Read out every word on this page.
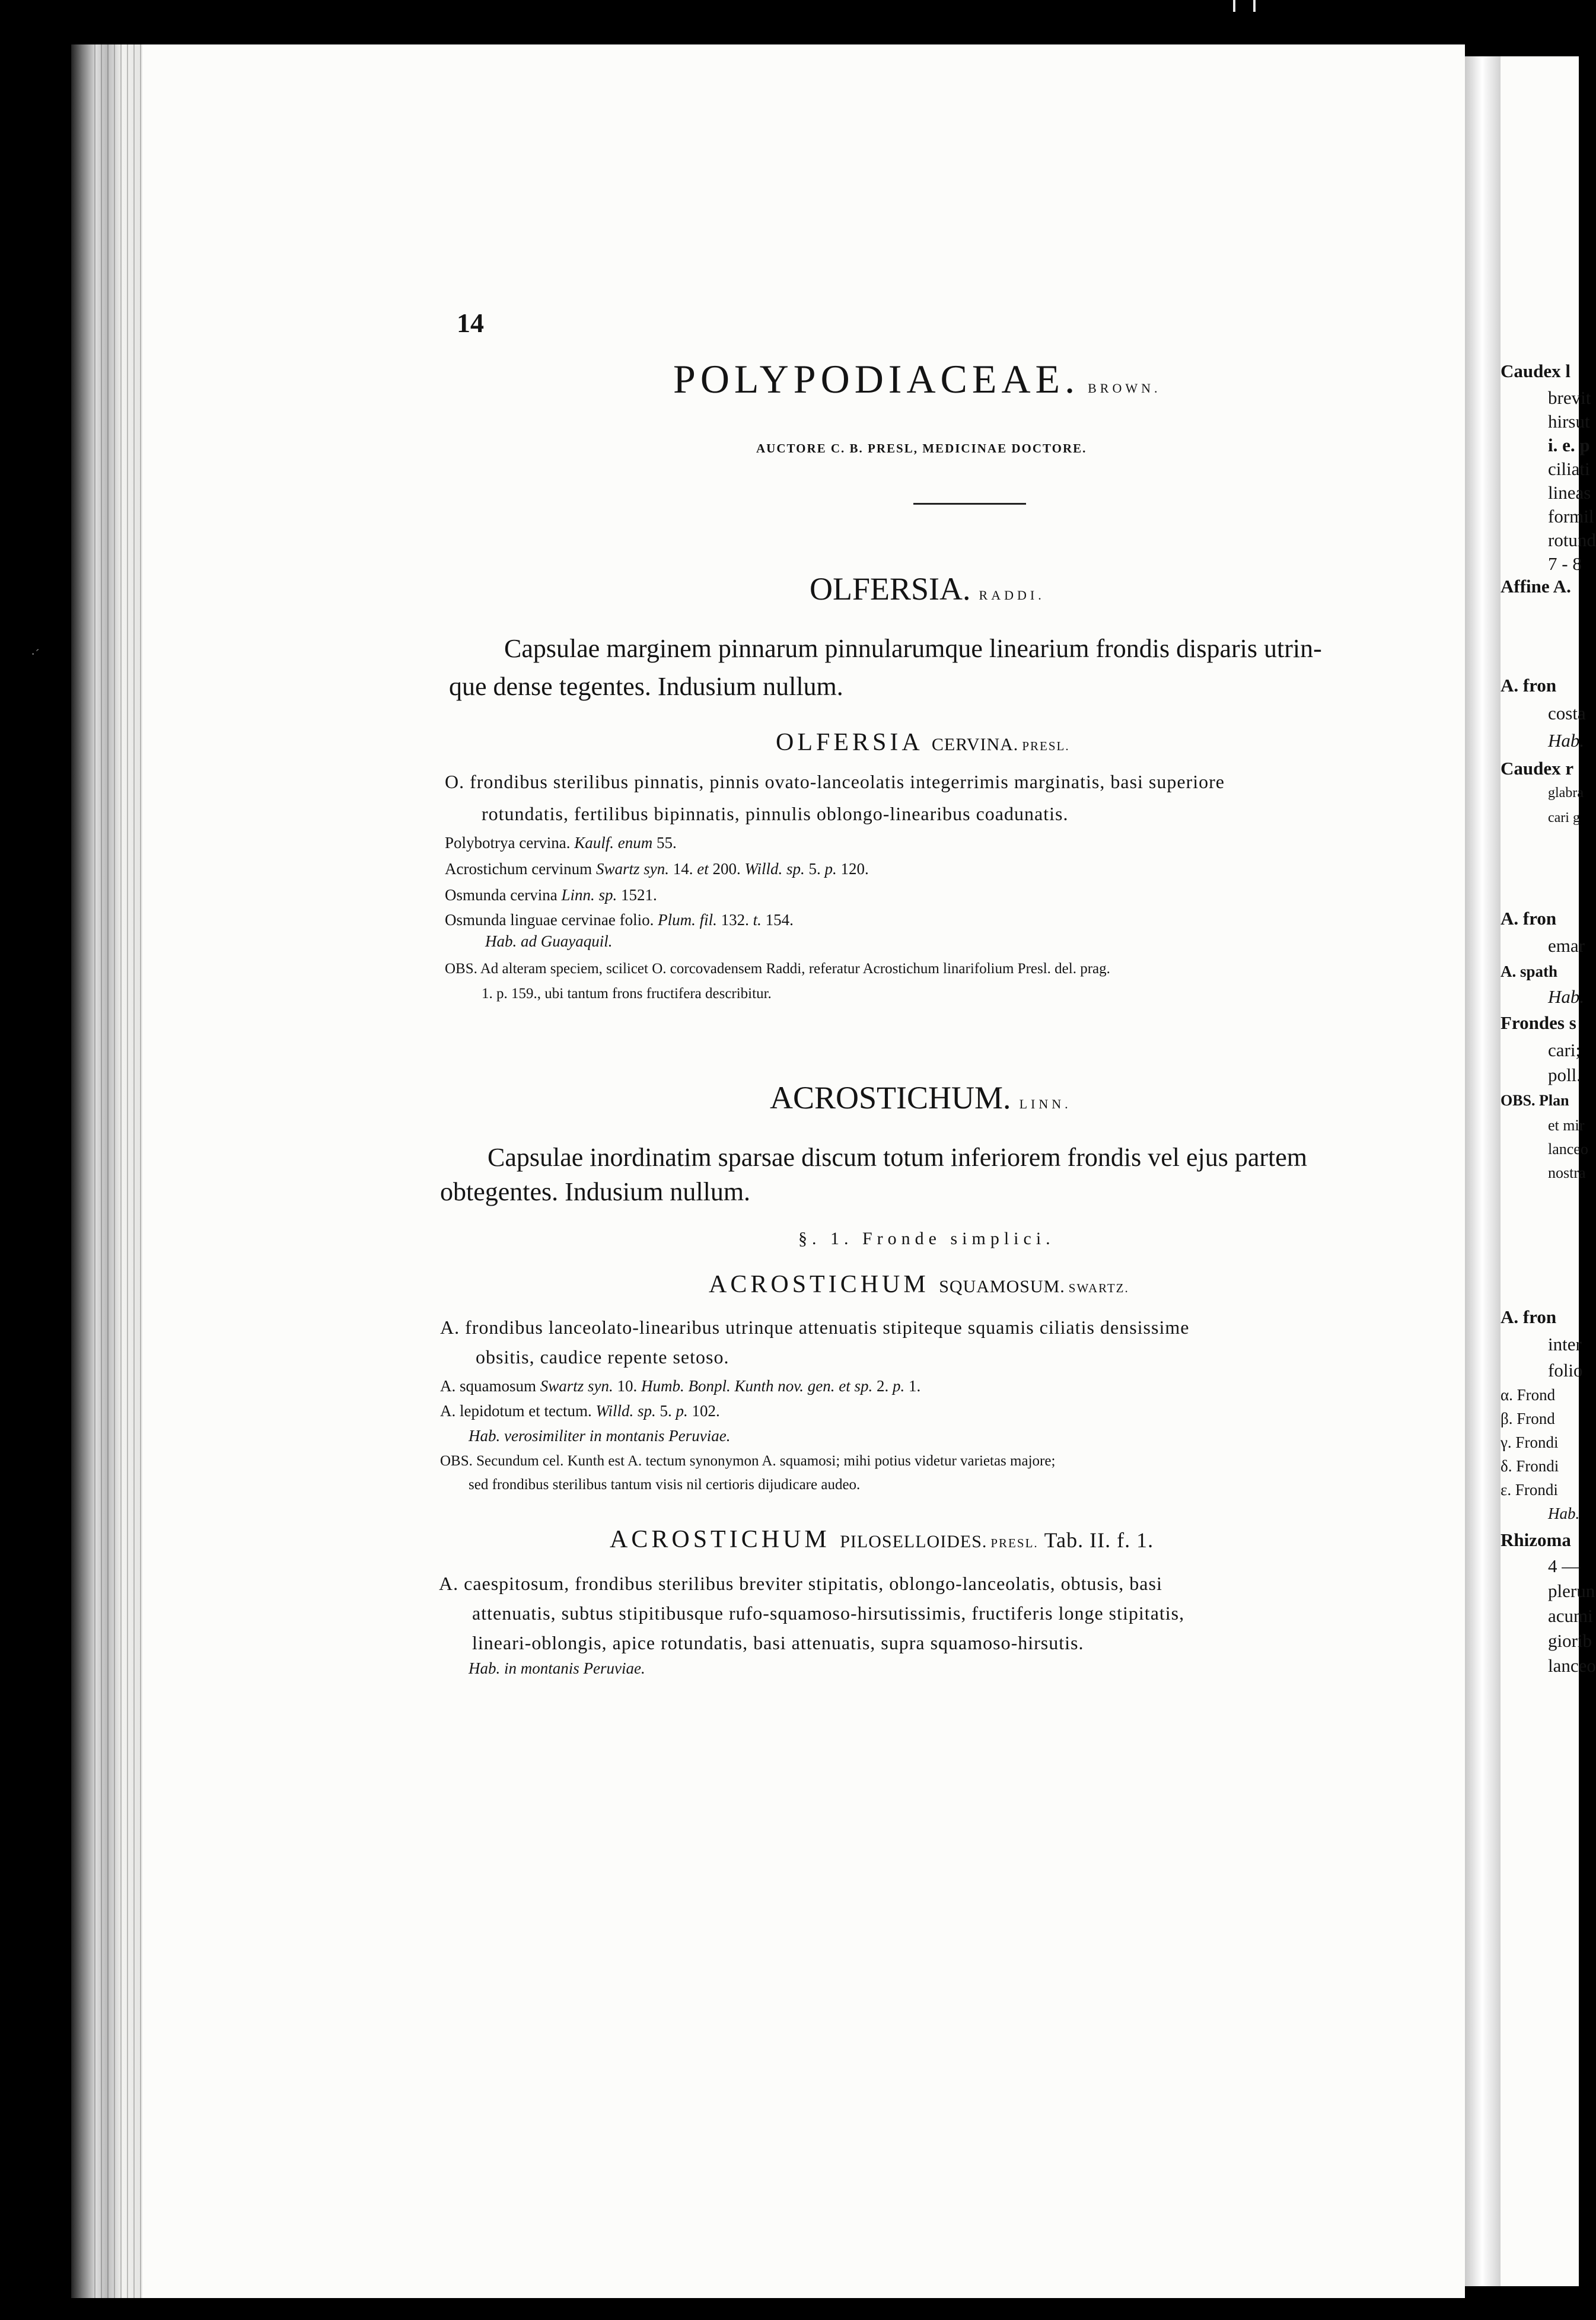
·´
14
POLYPODIACEAE. BROWN.
AUCTORE C. B. PRESL, MEDICINAE DOCTORE.
OLFERSIA. RADDI.
Capsulae marginem pinnarum pinnularumque linearium frondis disparis utrin-
que dense tegentes. Indusium nullum.
OLFERSIA CERVINA. PRESL.
O. frondibus sterilibus pinnatis, pinnis ovato-lanceolatis integerrimis marginatis, basi superiore
rotundatis, fertilibus bipinnatis, pinnulis oblongo-linearibus coadunatis.
Polybotrya cervina. Kaulf. enum 55.
Acrostichum cervinum Swartz syn. 14. et 200. Willd. sp. 5. p. 120.
Osmunda cervina Linn. sp. 1521.
Osmunda linguae cervinae folio. Plum. fil. 132. t. 154.
Hab. ad Guayaquil.
OBS. Ad alteram speciem, scilicet O. corcovadensem Raddi, referatur Acrostichum linarifolium Presl. del. prag.
1. p. 159., ubi tantum frons fructifera describitur.
ACROSTICHUM. LINN.
Capsulae inordinatim sparsae discum totum inferiorem frondis vel ejus partem
obtegentes. Indusium nullum.
§. 1. Fronde simplici.
ACROSTICHUM SQUAMOSUM. SWARTZ.
A. frondibus lanceolato-linearibus utrinque attenuatis stipiteque squamis ciliatis densissime
obsitis, caudice repente setoso.
A. squamosum Swartz syn. 10. Humb. Bonpl. Kunth nov. gen. et sp. 2. p. 1.
A. lepidotum et tectum. Willd. sp. 5. p. 102.
Hab. verosimiliter in montanis Peruviae.
OBS. Secundum cel. Kunth est A. tectum synonymon A. squamosi; mihi potius videtur varietas majore;
sed frondibus sterilibus tantum visis nil certioris dijudicare audeo.
ACROSTICHUM PILOSELLOIDES. PRESL. Tab. II. f. 1.
A. caespitosum, frondibus sterilibus breviter stipitatis, oblongo-lanceolatis, obtusis, basi
attenuatis, subtus stipitibusque rufo-squamoso-hirsutissimis, fructiferis longe stipitatis,
lineari-oblongis, apice rotundatis, basi attenuatis, supra squamoso-hirsutis.
Hab. in montanis Peruviae.
Caudex l
brevit
hirsut
i. e. p
ciliati
lineas
formil
rotund
7 - 8
Affine A.
A. fron
costa
Hab.
Caudex r
glabra
cari g
A. fron
emar
A. spath
Hab.
Frondes s
cari;
poll.
OBS. Plan
et mir
lanceo
nostra
A. fron
inter
folio
α. Frond
β. Frond
γ. Frondi
δ. Frondi
ε. Frondi
Hab.
Rhizoma
4 —
plerun
acumi
giorib
lanceo
